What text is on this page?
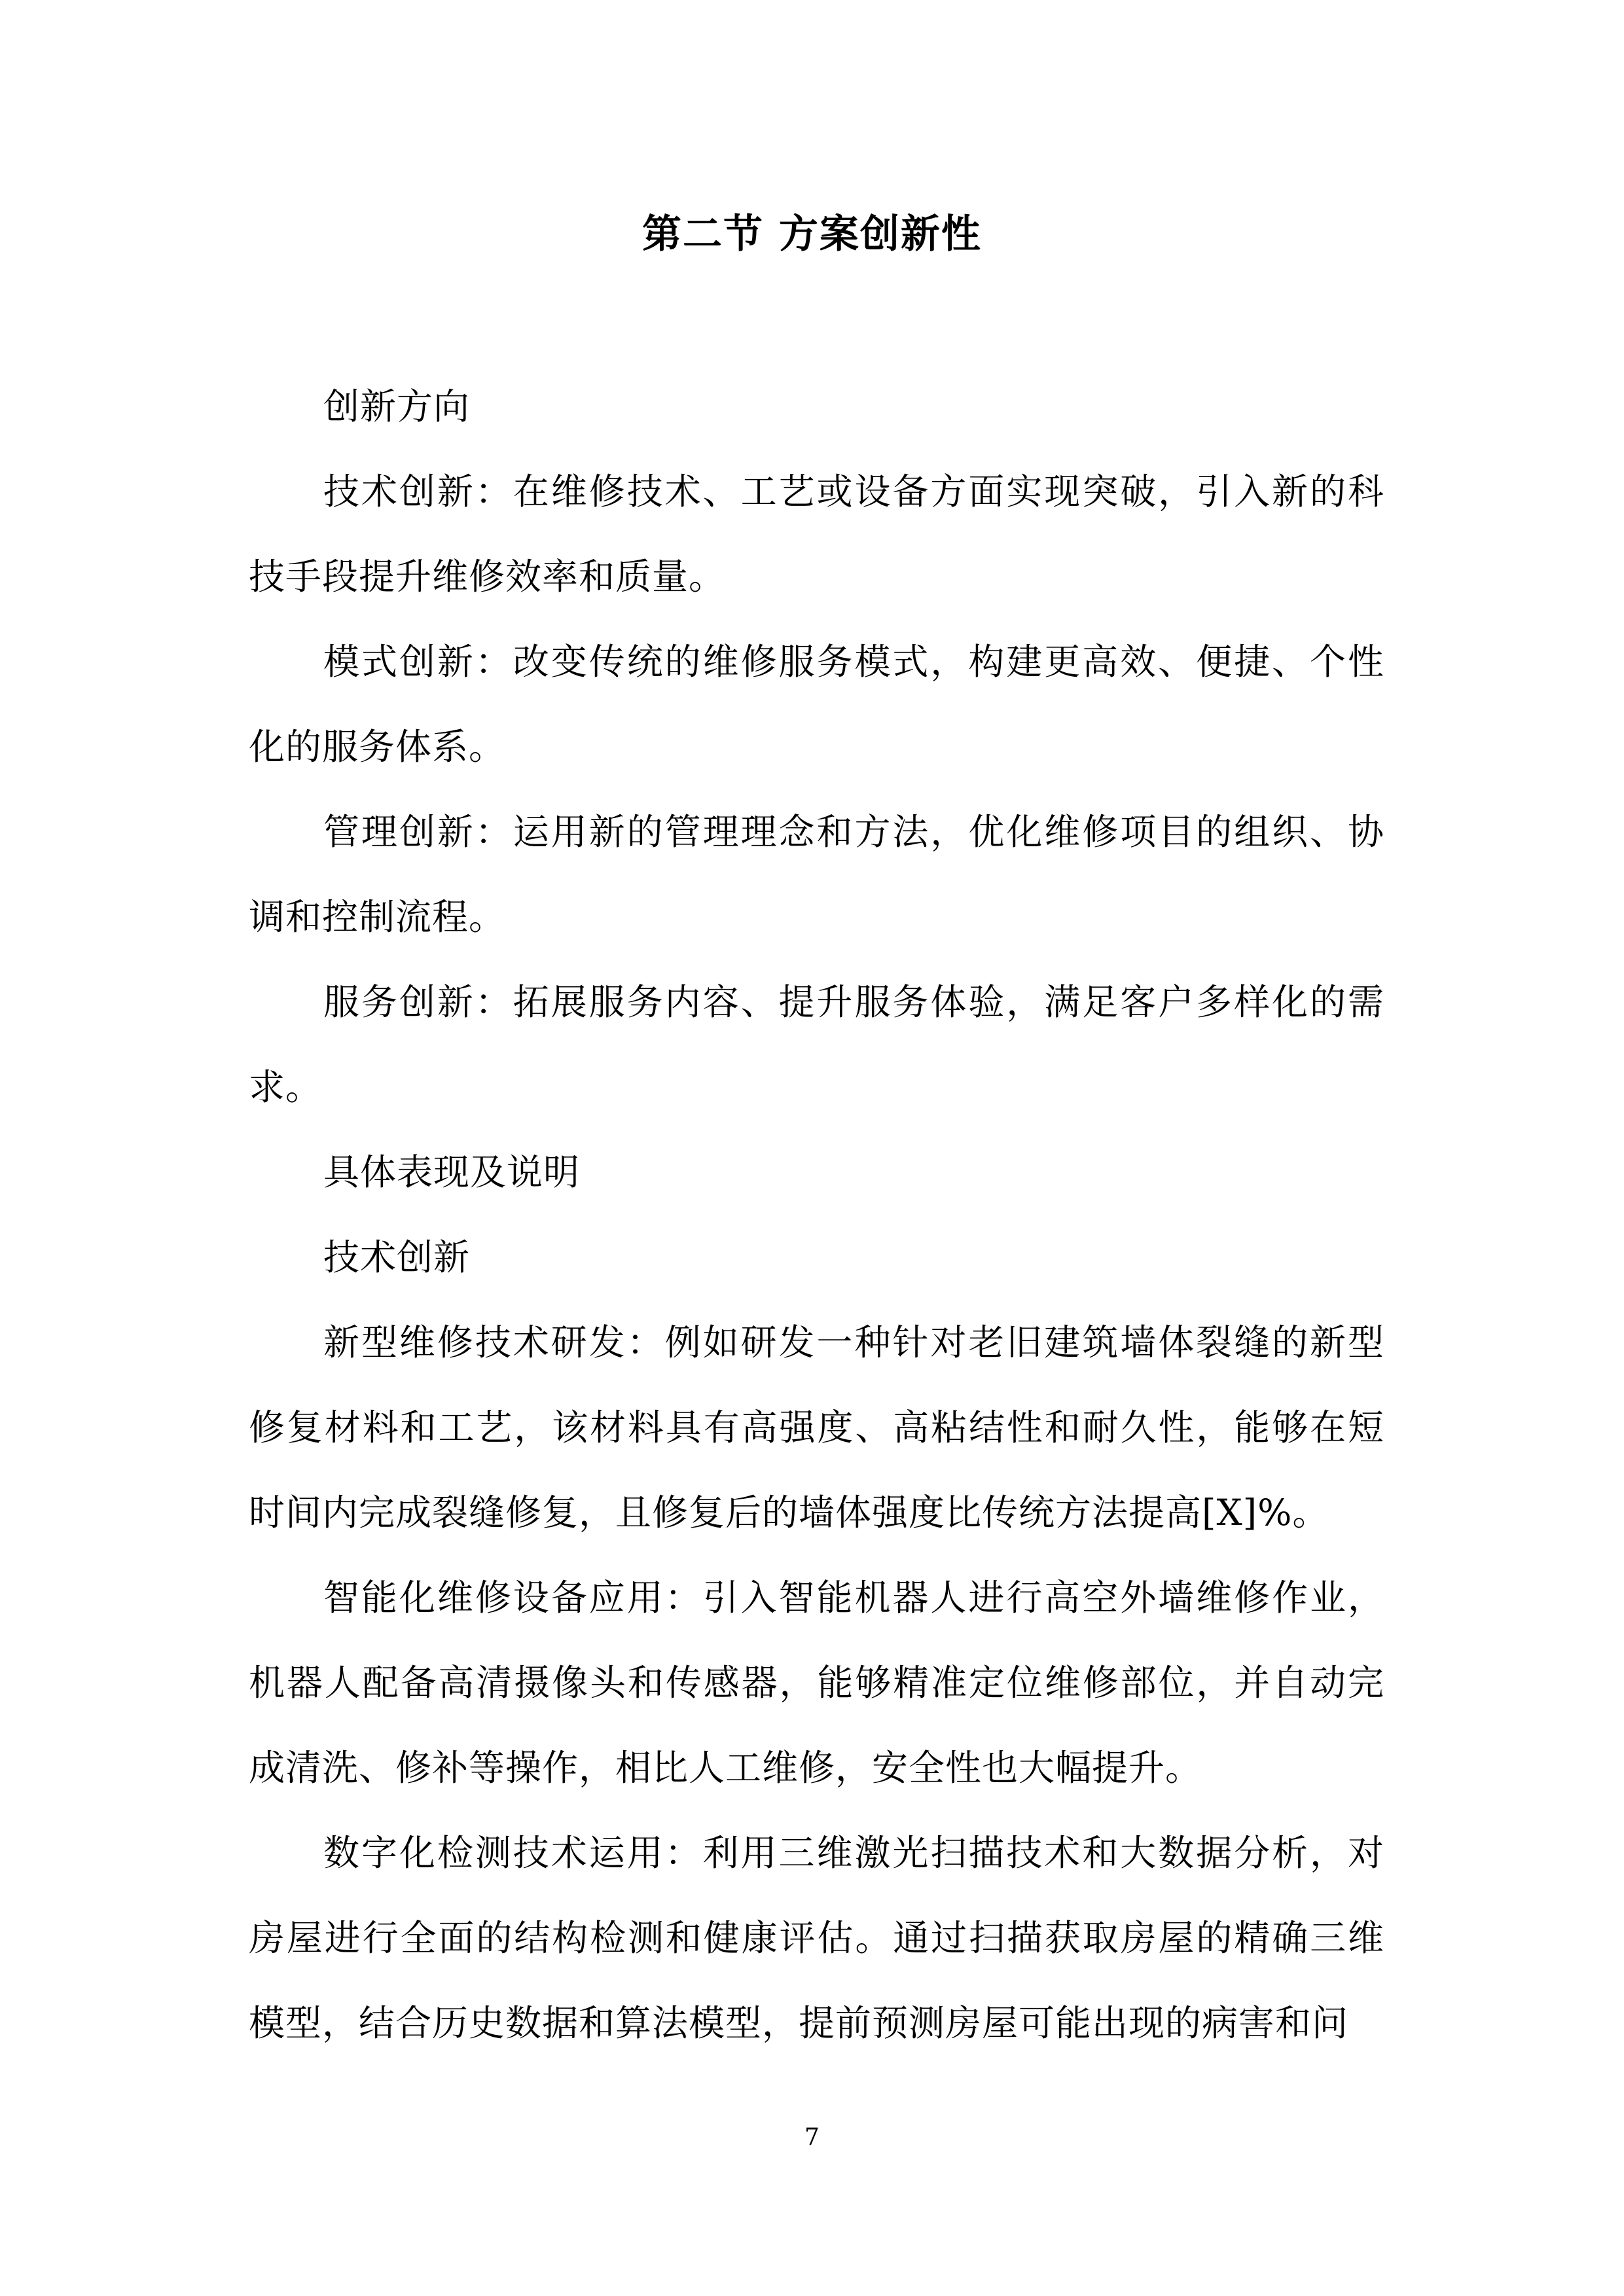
第二节 方案创新性

创新方向

技术创新：在维修技术、工艺或设备方面实现突破，引入新的科技手段提升维修效率和质量。

模式创新：改变传统的维修服务模式，构建更高效、便捷、个性化的服务体系。

管理创新：运用新的管理理念和方法，优化维修项目的组织、协调和控制流程。

服务创新：拓展服务内容、提升服务体验，满足客户多样化的需求。

具体表现及说明

技术创新

新型维修技术研发：例如研发一种针对老旧建筑墙体裂缝的新型修复材料和工艺，该材料具有高强度、高粘结性和耐久性，能够在短时间内完成裂缝修复，且修复后的墙体强度比传统方法提高[X]%。

智能化维修设备应用：引入智能机器人进行高空外墙维修作业，机器人配备高清摄像头和传感器，能够精准定位维修部位，并自动完成清洗、修补等操作，相比人工维修，安全性也大幅提升。

数字化检测技术运用：利用三维激光扫描技术和大数据分析，对房屋进行全面的结构检测和健康评估。通过扫描获取房屋的精确三维模型，结合历史数据和算法模型，提前预测房屋可能出现的病害和问

7
